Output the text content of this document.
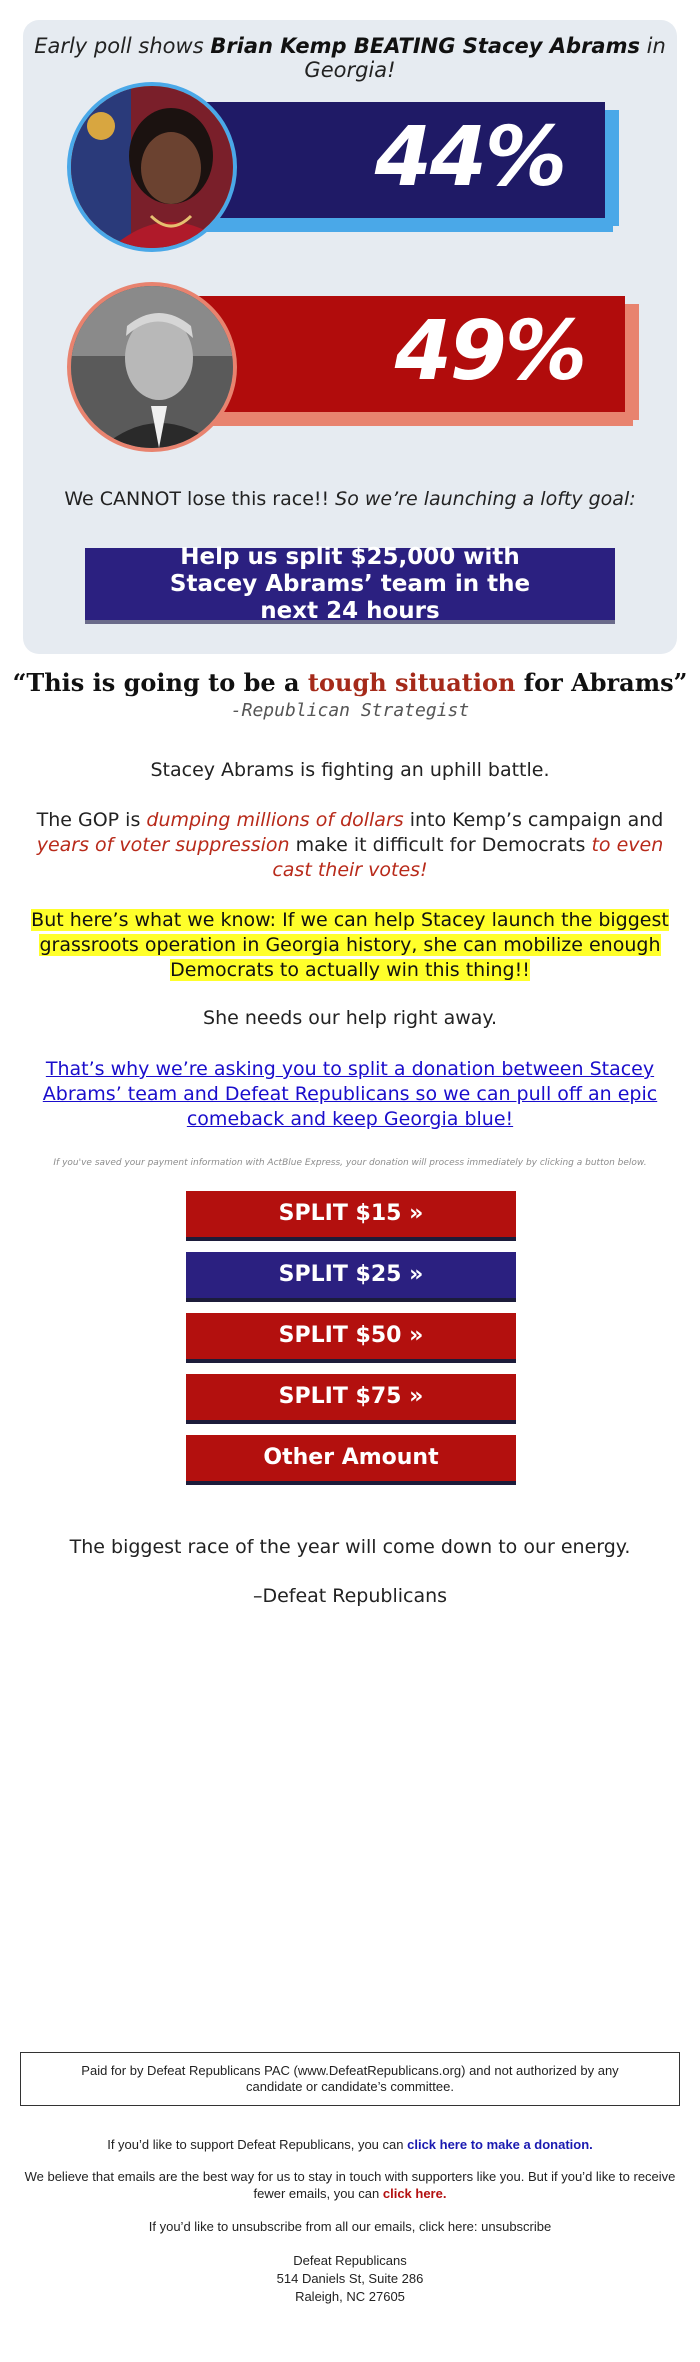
Early poll shows Brian Kemp BEATING Stacey Abrams in Georgia!
44%
49%
We CANNOT lose this race!! So we’re launching a lofty goal:
Help us split $25,000 with Stacey Abrams’ team in the next 24 hours
“This is going to be a tough situation for Abrams”
-Republican Strategist
Stacey Abrams is fighting an uphill battle.
The GOP is dumping millions of dollars into Kemp’s campaign and years of voter suppression make it difficult for Democrats to even cast their votes!
But here’s what we know: If we can help Stacey launch the biggest grassroots operation in Georgia history, she can mobilize enough Democrats to actually win this thing!!
She needs our help right away.
That’s why we’re asking you to split a donation between Stacey Abrams’ team and Defeat Republicans so we can pull off an epic comeback and keep Georgia blue!
If you've saved your payment information with ActBlue Express, your donation will process immediately by clicking a button below.
SPLIT $15 »
SPLIT $25 »
SPLIT $50 »
SPLIT $75 »
Other Amount
The biggest race of the year will come down to our energy.
–Defeat Republicans
Paid for by Defeat Republicans PAC (www.DefeatRepublicans.org) and not authorized by any candidate or candidate’s committee.
If you’d like to support Defeat Republicans, you can click here to make a donation.
We believe that emails are the best way for us to stay in touch with supporters like you. But if you’d like to receive fewer emails, you can click here.
If you’d like to unsubscribe from all our emails, click here: unsubscribe
Defeat Republicans
514 Daniels St, Suite 286
Raleigh, NC 27605
